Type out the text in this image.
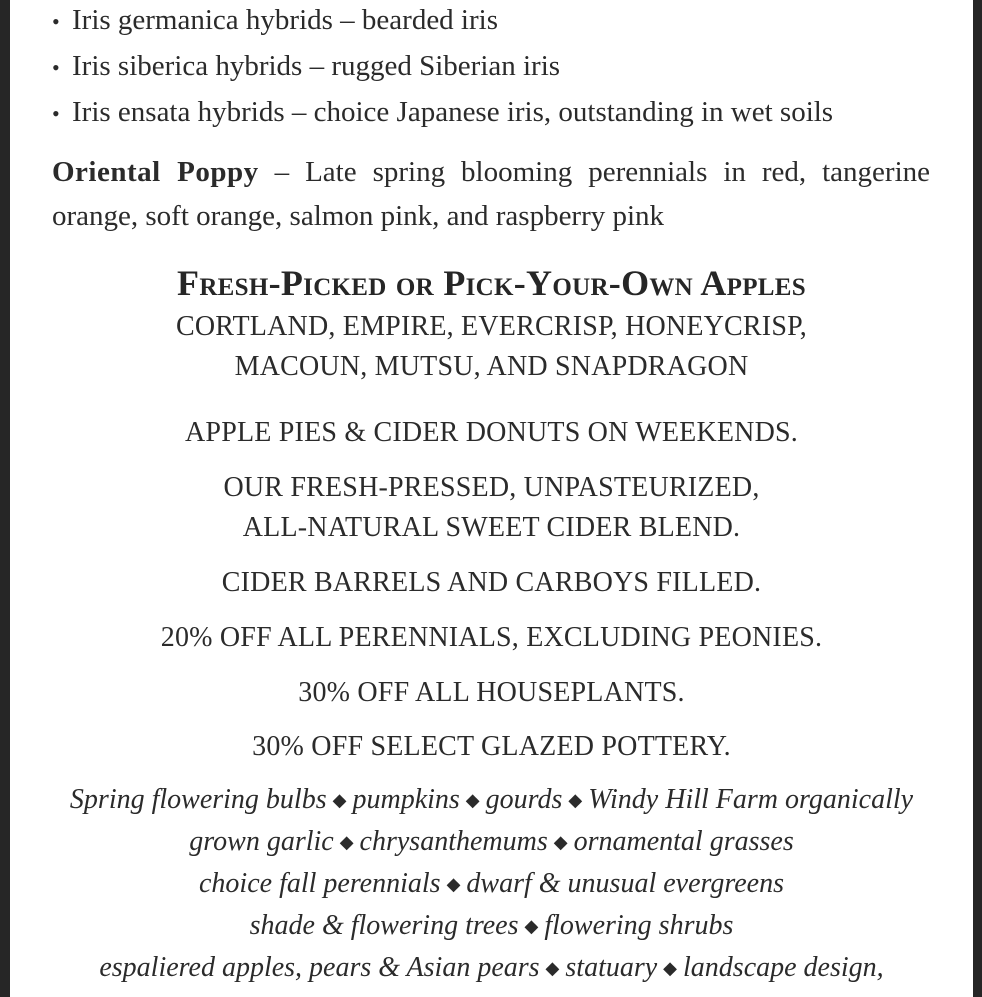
• Iris germanica hybrids – bearded iris
• Iris siberica hybrids – rugged Siberian iris
• Iris ensata hybrids – choice Japanese iris, outstanding in wet soils
Oriental Poppy – Late spring blooming perennials in red, tangerine orange, soft orange, salmon pink, and raspberry pink
Fresh-Picked or Pick-Your-Own Apples
CORTLAND, EMPIRE, EVERCRISP, HONEYCRISP,
MACOUN, MUTSU, AND SNAPDRAGON
APPLE PIES & CIDER DONUTS ON WEEKENDS.
OUR FRESH-PRESSED, UNPASTEURIZED,
ALL-NATURAL SWEET CIDER BLEND.
CIDER BARRELS AND CARBOYS FILLED.
20% OFF ALL PERENNIALS, EXCLUDING PEONIES.
30% OFF ALL HOUSEPLANTS.
30% OFF SELECT GLAZED POTTERY.
Spring flowering bulbs ◆ pumpkins ◆ gourds ◆ Windy Hill Farm organically
grown garlic ◆ chrysanthemums ◆ ornamental grasses
choice fall perennials ◆ dwarf & unusual evergreens
shade & flowering trees ◆ flowering shrubs
espaliered apples, pears & Asian pears ◆ statuary ◆ landscape design,
